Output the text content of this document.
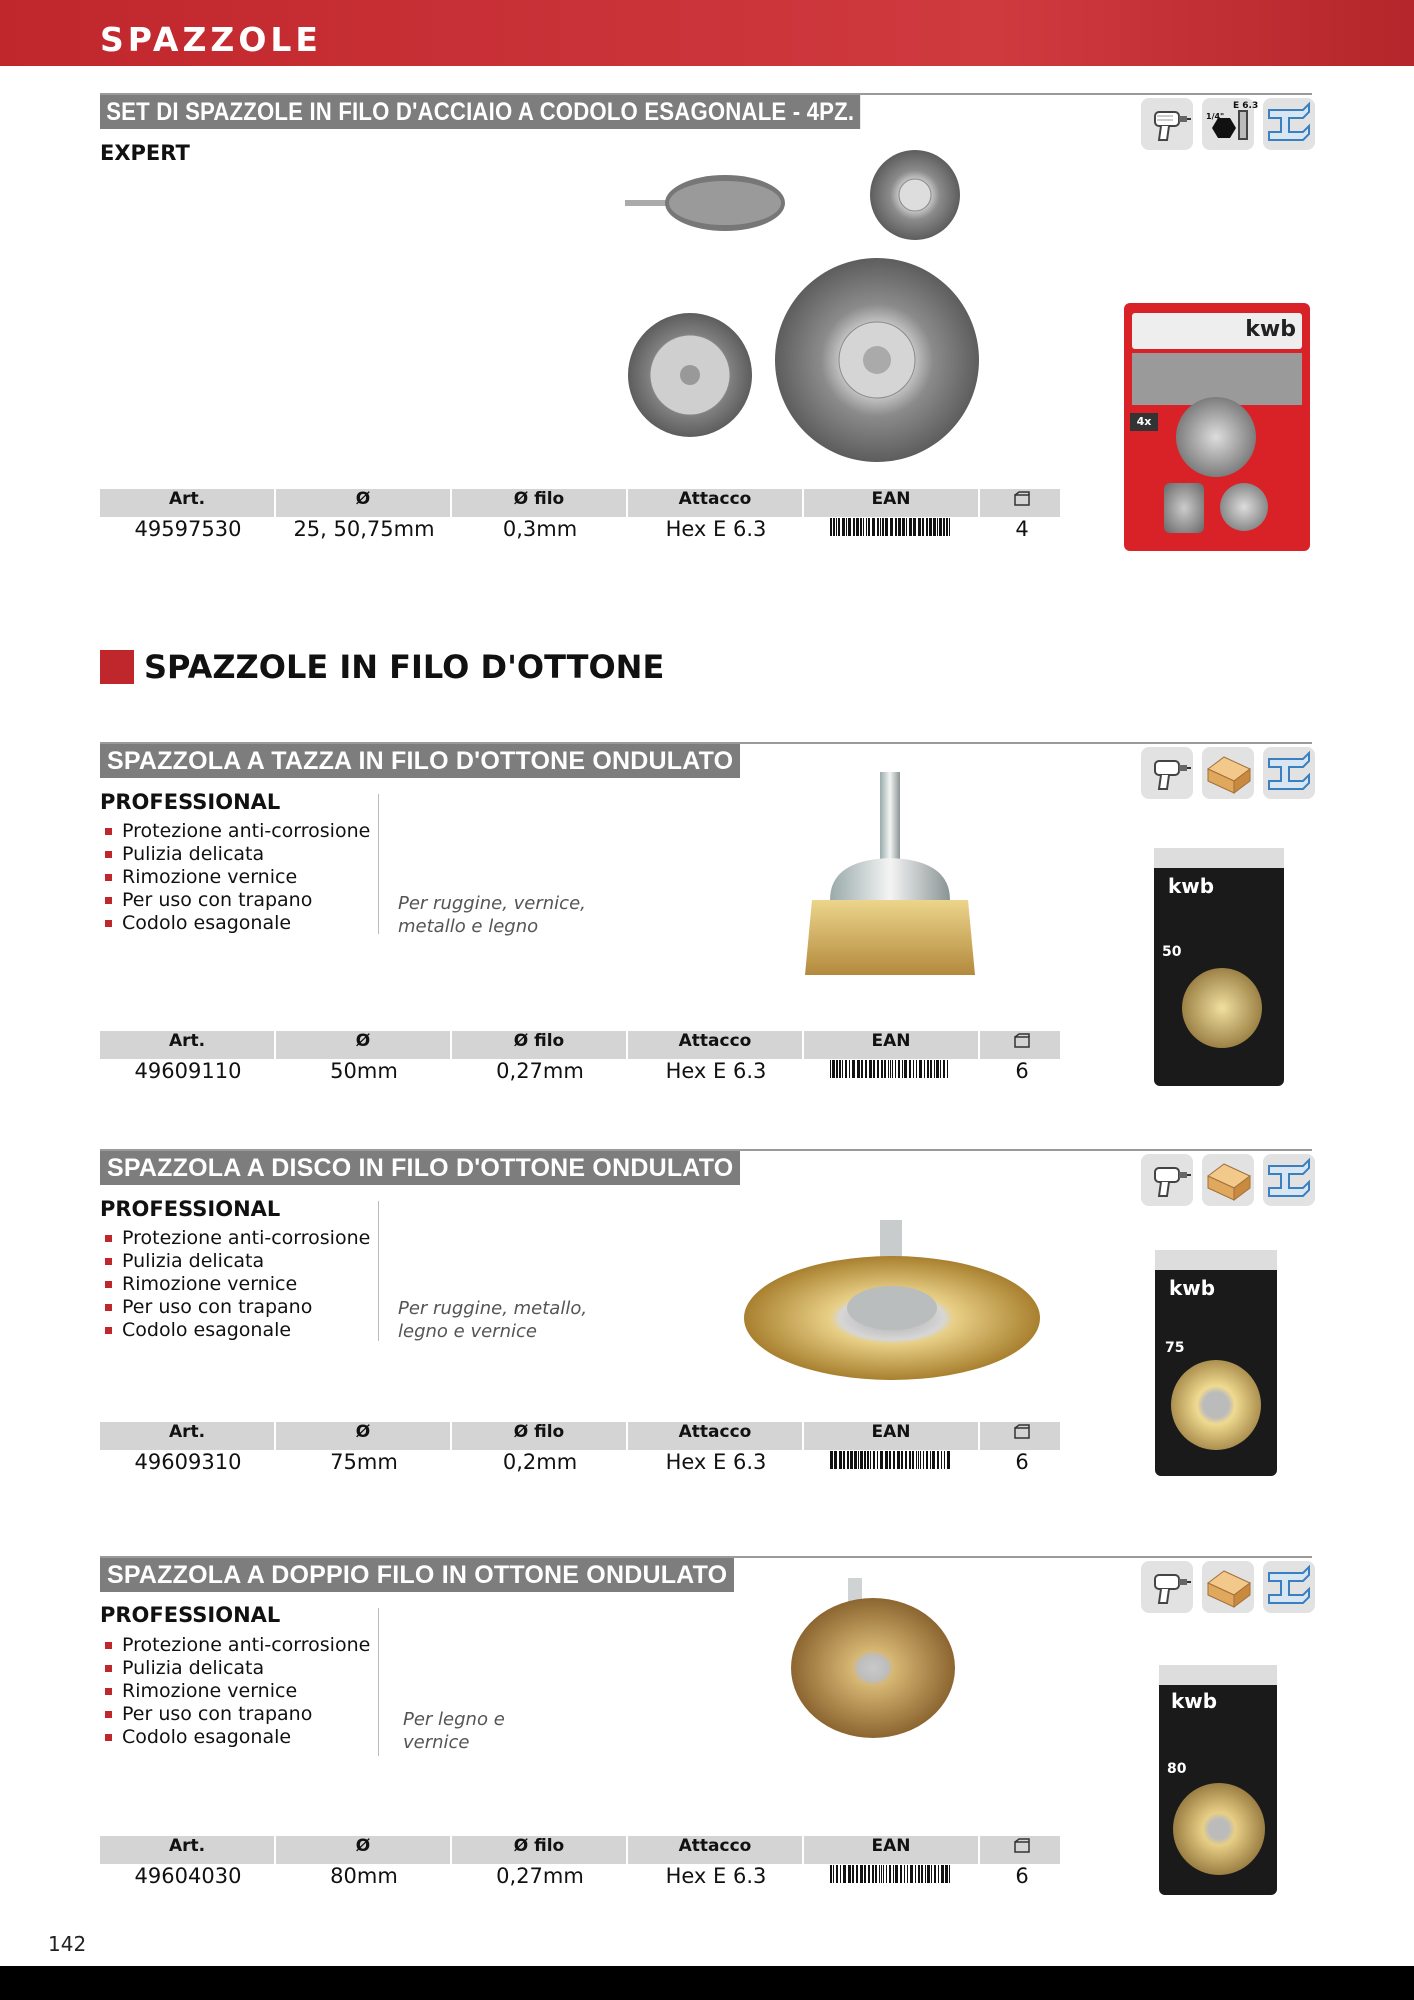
SPAZZOLE
SET DI SPAZZOLE IN FILO D'ACCIAIO A CODOLO ESAGONALE - 4PZ.
EXPERT
E 6.3
1/4"
kwb
4x
Art.	Ø	Ø filo	Attacco	EAN
49597530	25, 50,75mm	0,3mm	Hex E 6.3	4
SPAZZOLE IN FILO D'OTTONE
SPAZZOLA A TAZZA IN FILO D'OTTONE ONDULATO
PROFESSIONAL
Protezione anti-corrosione
Pulizia delicata
Rimozione vernice
Per uso con trapano
Codolo esagonale
Per ruggine, vernice,
metallo e legno
kwb
50
Art.	Ø	Ø filo	Attacco	EAN
49609110	50mm	0,27mm	Hex E 6.3	6
SPAZZOLA A DISCO IN FILO D'OTTONE ONDULATO
PROFESSIONAL
Protezione anti-corrosione
Pulizia delicata
Rimozione vernice
Per uso con trapano
Codolo esagonale
Per ruggine, metallo,
legno e vernice
kwb
75
Art.	Ø	Ø filo	Attacco	EAN
49609310	75mm	0,2mm	Hex E 6.3	6
SPAZZOLA A DOPPIO FILO IN OTTONE ONDULATO
PROFESSIONAL
Protezione anti-corrosione
Pulizia delicata
Rimozione vernice
Per uso con trapano
Codolo esagonale
Per legno e
vernice
kwb
80
Art.	Ø	Ø filo	Attacco	EAN
49604030	80mm	0,27mm	Hex E 6.3	6
142
